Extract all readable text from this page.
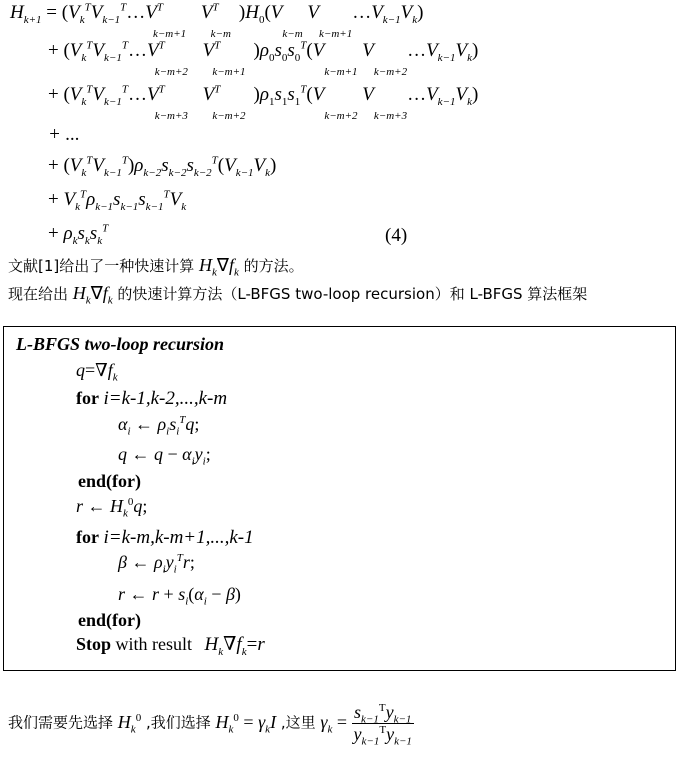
$H_{k+1}$ = ($V_k^TV_{k-1}^T\dots V^T_{k-m+1}$ $V^T_{k-m})H_0(V_{k-m}$ $V_{k-m+1}\dots V_{k-1}V_k$)
+ ($V_k^TV_{k-1}^T\dots V^T_{k-m+2}$ $V^T_{k-m+1})\rho_0s_0s_0^T(V_{k-m+1}$ $V_{k-m+2}\dots V_{k-1}V_k$)
+ ($V_k^TV_{k-1}^T\dots V^T_{k-m+3}$ $V^T_{k-m+2})\rho_1s_1s_1^T(V_{k-m+2}$ $V_{k-m+3}\dots V_{k-1}V_k$)
+ ...
+ $(V_k^TV_{k-1}^T)\rho_{k-2}s_{k-2}s_{k-2}^T(V_{k-1}V_k)$
+ $V_k^T\rho_{k-1}s_{k-1}s_{k-1}^TV_k$
+ $\rho_ks_ks_k^T$	(4)
文献[1]给出了一种快速计算 $H_k\nabla f_k$ 的方法。
现在给出 $H_k\nabla f_k$ 的快速计算方法（L-BFGS two-loop recursion）和 L-BFGS 算法框架
L-BFGS two-loop recursion
$q=\nabla f_k$
for i=k-1,k-2,...,k-m
$\alpha_i$ ← $\rho_is_i^Tq$;
q ← $q - \alpha_iy_i$;
end(for)
r ← $H_k^0q$;
for i=k-m,k-m+1,...,k-1
β ← $\rho_iy_i^Tr$;
r ← $r + s_i(\alpha_i - \beta)$
end(for)
Stop with result $H_k\nabla f_k=r$
我们需要先选择 $H_k^0$ ,我们选择 $H_k^0 = \gamma_kI$ ,这里 $\gamma_k = \frac{s_{k-1}^Ty_{k-1}}{y_{k-1}^Ty_{k-1}}$
